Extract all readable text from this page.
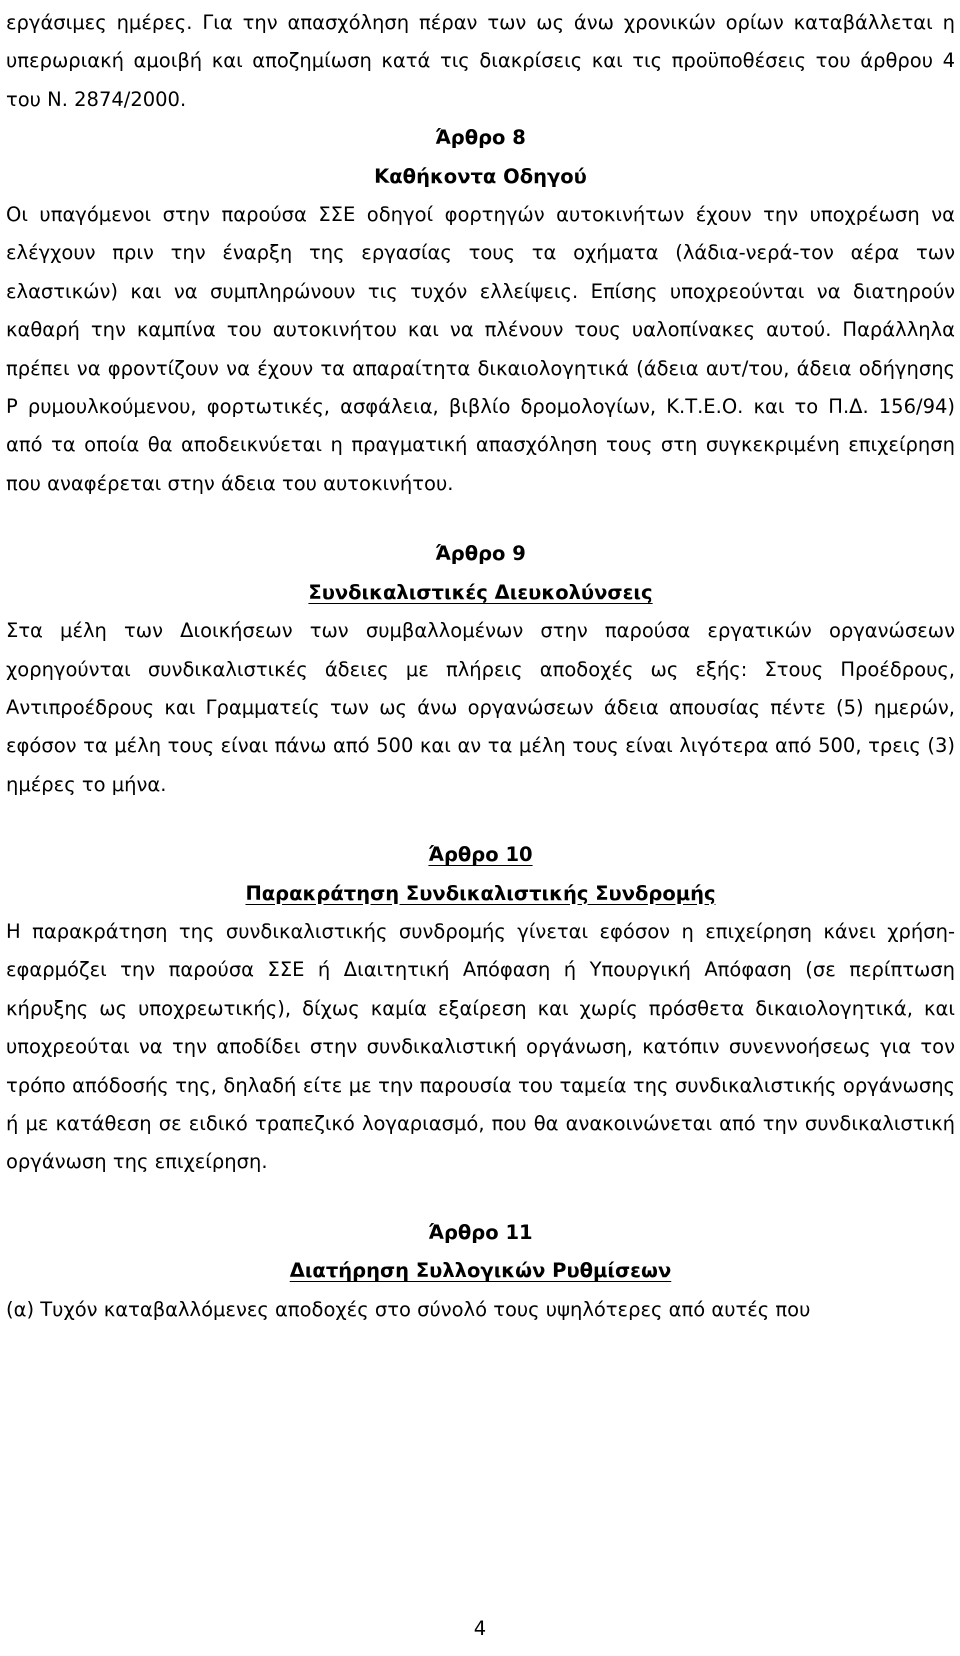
εργάσιμες ημέρες. Για την απασχόληση πέραν των ως άνω χρονικών ορίων καταβάλλεται η υπερωριακή αμοιβή και αποζημίωση κατά τις διακρίσεις και τις προϋποθέσεις του άρθρου 4 του Ν. 2874/2000.

Άρθρο 8

Καθήκοντα Οδηγού

Οι υπαγόμενοι στην παρούσα ΣΣΕ οδηγοί φορτηγών αυτοκινήτων έχουν την υποχρέωση να ελέγχουν πριν την έναρξη της εργασίας τους τα οχήματα (λάδια-νερά-τον αέρα των ελαστικών) και να συμπληρώνουν τις τυχόν ελλείψεις. Επίσης υποχρεούνται να διατηρούν καθαρή την καμπίνα του αυτοκινήτου και να πλένουν τους υαλοπίνακες αυτού. Παράλληλα πρέπει να φροντίζουν να έχουν τα απαραίτητα δικαιολογητικά (άδεια αυτ/του, άδεια οδήγησης Ρ ρυμουλκούμενου, φορτωτικές, ασφάλεια, βιβλίο δρομολογίων, Κ.Τ.Ε.Ο. και το Π.Δ. 156/94) από τα οποία θα αποδεικνύεται η πραγματική απασχόληση τους στη συγκεκριμένη επιχείρηση που αναφέρεται στην άδεια του αυτοκινήτου.

Άρθρο 9

Συνδικαλιστικές Διευκολύνσεις

Στα μέλη των Διοικήσεων των συμβαλλομένων στην παρούσα εργατικών οργανώσεων χορηγούνται συνδικαλιστικές άδειες με πλήρεις αποδοχές ως εξής: Στους Προέδρους, Αντιπροέδρους και Γραμματείς των ως άνω οργανώσεων άδεια απουσίας πέντε (5) ημερών, εφόσον τα μέλη τους είναι πάνω από 500 και αν τα μέλη τους είναι λιγότερα από 500, τρεις (3) ημέρες το μήνα.

Άρθρο 10

Παρακράτηση Συνδικαλιστικής Συνδρομής

Η παρακράτηση της συνδικαλιστικής συνδρομής γίνεται εφόσον η επιχείρηση κάνει χρήση-εφαρμόζει την παρούσα ΣΣΕ ή Διαιτητική Απόφαση ή Υπουργική Απόφαση (σε περίπτωση κήρυξης ως υποχρεωτικής), δίχως καμία εξαίρεση και χωρίς πρόσθετα δικαιολογητικά, και υποχρεούται να την αποδίδει στην συνδικαλιστική οργάνωση, κατόπιν συνεννοήσεως για τον τρόπο απόδοσής της, δηλαδή είτε με την παρουσία του ταμεία της συνδικαλιστικής οργάνωσης ή με κατάθεση σε ειδικό τραπεζικό λογαριασμό, που θα ανακοινώνεται από την συνδικαλιστική οργάνωση της επιχείρηση.

Άρθρο 11

Διατήρηση Συλλογικών Ρυθμίσεων

(α) Τυχόν καταβαλλόμενες αποδοχές στο σύνολό τους υψηλότερες από αυτές που

4
